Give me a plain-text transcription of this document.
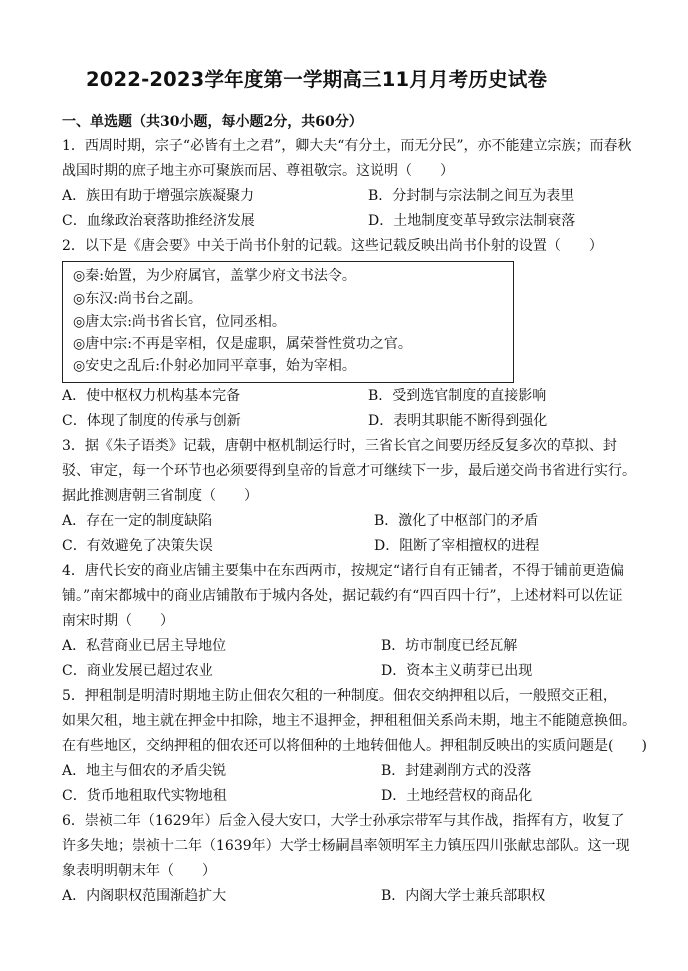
2022-2023学年度第一学期高三11月月考历史试卷
一、单选题（共30小题，每小题2分，共60分）
1．西周时期，宗子“必皆有土之君”，卿大夫“有分土，而无分民”，亦不能建立宗族；而春秋
战国时期的庶子地主亦可聚族而居、尊祖敬宗。这说明（　　）
A．族田有助于增强宗族凝聚力	B．分封制与宗法制之间互为表里
C．血缘政治衰落助推经济发展	D．土地制度变革导致宗法制衰落
2．以下是《唐会要》中关于尚书仆射的记载。这些记载反映出尚书仆射的设置（　　）
◎秦:始置，为少府属官，盖掌少府文书法令。
◎东汉:尚书台之副。
◎唐太宗:尚书省长官，位同丞相。
◎唐中宗:不再是宰相，仅是虚职，属荣誉性赏功之官。
◎安史之乱后:仆射必加同平章事，始为宰相。
A．使中枢权力机构基本完备	B．受到选官制度的直接影响
C．体现了制度的传承与创新	D．表明其职能不断得到强化
3．据《朱子语类》记载，唐朝中枢机制运行时，三省长官之间要历经反复多次的草拟、封
驳、审定，每一个环节也必须要得到皇帝的旨意才可继续下一步，最后递交尚书省进行实行。
据此推测唐朝三省制度（　　）
A．存在一定的制度缺陷	B．激化了中枢部门的矛盾
C．有效避免了决策失误	D．阻断了宰相擅权的进程
4．唐代长安的商业店铺主要集中在东西两市，按规定“诸行自有正铺者，不得于铺前更造偏
铺。”南宋都城中的商业店铺散布于城内各处，据记载约有“四百四十行”，上述材料可以佐证
南宋时期（　　）
A．私营商业已居主导地位	B．坊市制度已经瓦解
C．商业发展已超过农业	D．资本主义萌芽已出现
5．押租制是明清时期地主防止佃农欠租的一种制度。佃农交纳押租以后，一般照交正租，
如果欠租，地主就在押金中扣除，地主不退押金，押租租佃关系尚未期，地主不能随意换佃。
在有些地区，交纳押租的佃农还可以将佃种的土地转佃他人。押租制反映出的实质问题是(　　)
A．地主与佃农的矛盾尖锐	B．封建剥削方式的没落
C．货币地租取代实物地租	D．土地经营权的商品化
6．崇祯二年（1629年）后金入侵大安口，大学士孙承宗带军与其作战，指挥有方，收复了
许多失地；崇祯十二年（1639年）大学士杨嗣昌率领明军主力镇压四川张献忠部队。这一现
象表明明朝末年（　　）
A．内阁职权范围渐趋扩大	B．内阁大学士兼兵部职权
